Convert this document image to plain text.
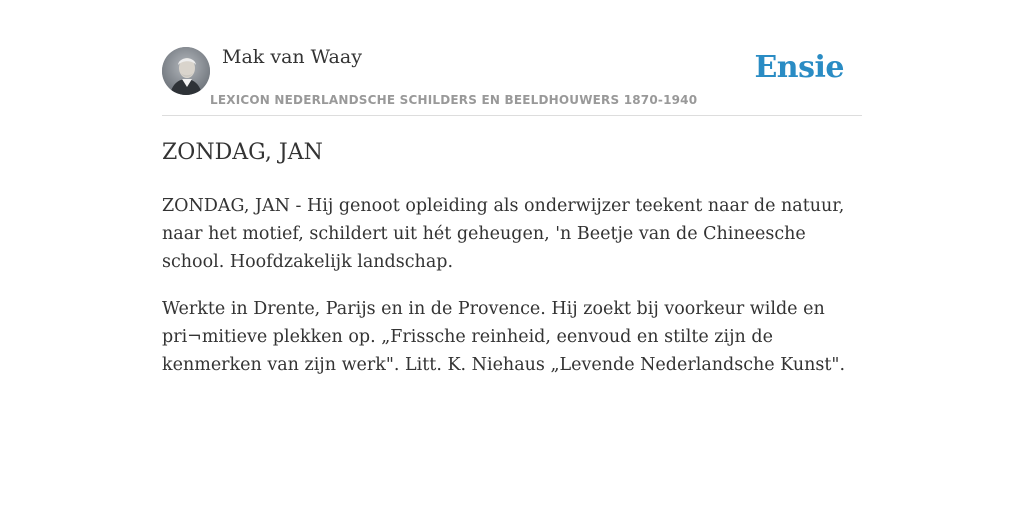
Mak van Waay
LEXICON NEDERLANDSCHE SCHILDERS EN BEELDHOUWERS 1870-1940
Ensie
ZONDAG, JAN

ZONDAG, JAN - Hij genoot opleiding als onderwijzer teekent naar de natuur, naar het motief, schildert uit hét geheugen, 'n Beetje van de Chineesche school. Hoofdzakelijk landschap.

Werkte in Drente, Parijs en in de Provence. Hij zoekt bij voorkeur wilde en pri¬mitieve plekken op. „Frissche reinheid, eenvoud en stilte zijn de kenmerken van zijn werk". Litt. K. Niehaus „Levende Nederlandsche Kunst".
